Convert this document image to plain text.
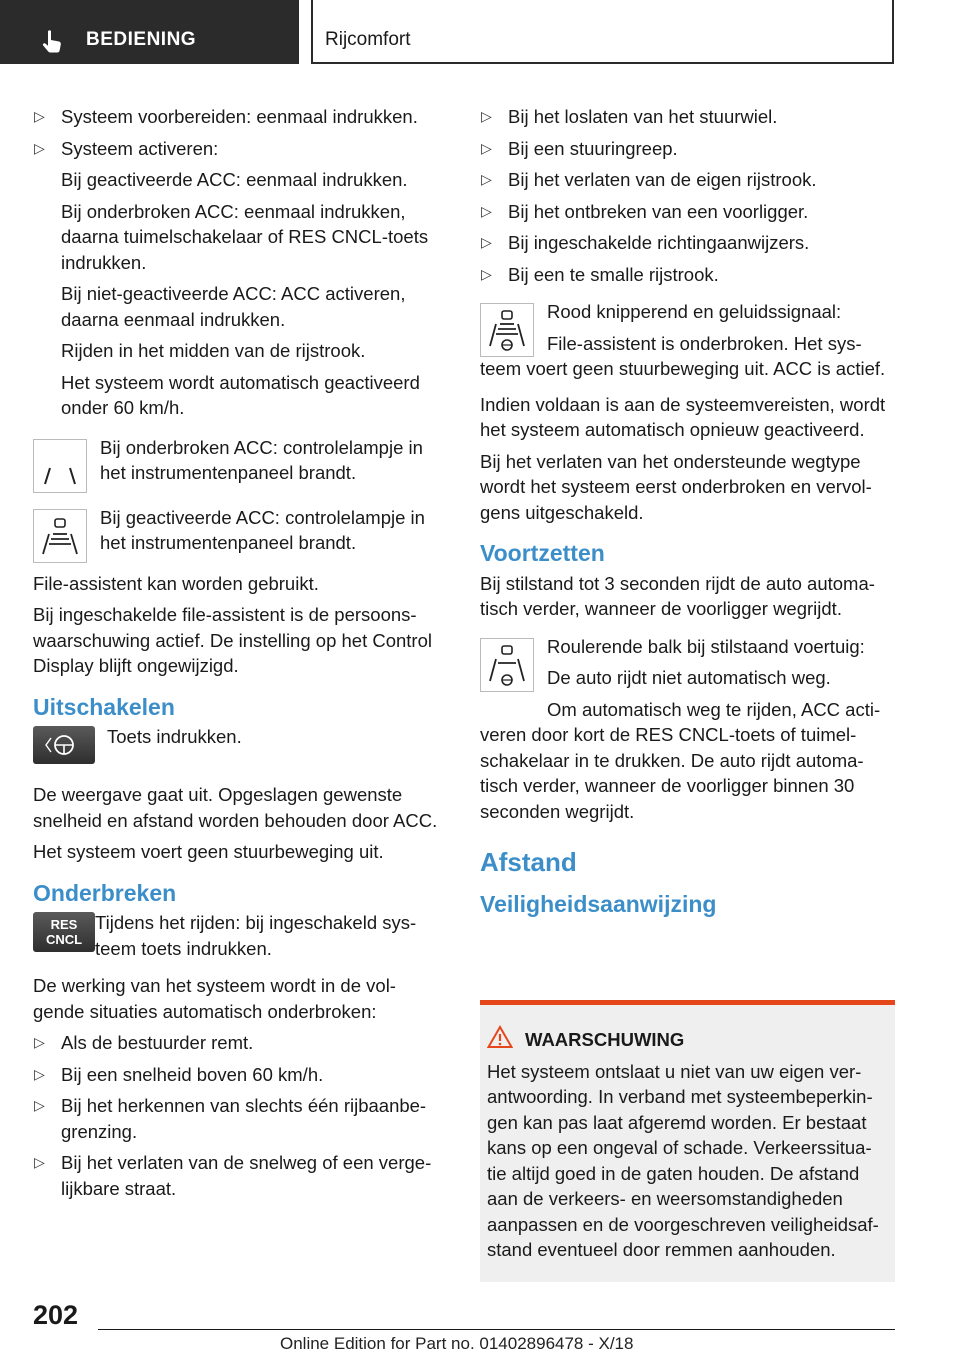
BEDIENING	Rijcomfort
▷ Systeem voorbereiden: eenmaal indrukken.
▷ Systeem activeren:

Bij geactiveerde ACC: eenmaal indrukken.

Bij onderbroken ACC: eenmaal indrukken, daarna tuimelschakelaar of RES CNCL-toets indrukken.

Bij niet-geactiveerde ACC: ACC activeren, daarna eenmaal indrukken.

Rijden in het midden van de rijstrook.

Het systeem wordt automatisch geactiveerd onder 60 km/h.

Bij onderbroken ACC: controlelampje in het instrumentenpaneel brandt.
Bij geactiveerde ACC: controlelampje in het instrumentenpaneel brandt.

File-assistent kan worden gebruikt.

Bij ingeschakelde file-assistent is de persoons-waarschuwing actief. De instelling op het Control Display blijft ongewijzigd.

Uitschakelen
Toets indrukken.

De weergave gaat uit. Opgeslagen gewenste snelheid en afstand worden behouden door ACC.

Het systeem voert geen stuurbeweging uit.

Onderbreken
RES
CNCL
Tijdens het rijden: bij ingeschakeld sys-teem toets indrukken.

De werking van het systeem wordt in de vol-gende situaties automatisch onderbroken:

▷ Als de bestuurder remt.
▷ Bij een snelheid boven 60 km/h.
▷ Bij het herkennen van slechts één rijbaanbe-grenzing.
▷ Bij het verlaten van de snelweg of een verge-lijkbare straat.
▷ Bij het loslaten van het stuurwiel.
▷ Bij een stuuringreep.
▷ Bij het verlaten van de eigen rijstrook.
▷ Bij het ontbreken van een voorligger.
▷ Bij ingeschakelde richtingaanwijzers.
▷ Bij een te smalle rijstrook.
Rood knipperend en geluidssignaal:
File-assistent is onderbroken. Het sys-teem voert geen stuurbeweging uit. ACC is actief.

Indien voldaan is aan de systeemvereisten, wordt het systeem automatisch opnieuw geactiveerd.

Bij het verlaten van het ondersteunde wegtype wordt het systeem eerst onderbroken en vervol-gens uitgeschakeld.

Voortzetten

Bij stilstand tot 3 seconden rijdt de auto automa-tisch verder, wanneer de voorligger wegrijdt.

Roulerende balk bij stilstaand voertuig:
De auto rijdt niet automatisch weg.
Om automatisch weg te rijden, ACC acti-veren door kort de RES CNCL-toets of tuimel-schakelaar in te drukken. De auto rijdt automa-tisch verder, wanneer de voorligger binnen 30 seconden wegrijdt.
Afstand
Veiligheidsaanwijzing
WAARSCHUWING
Het systeem ontslaat u niet van uw eigen ver-antwoording. In verband met systeembeperkin-gen kan pas laat afgeremd worden. Er bestaat kans op een ongeval of schade. Verkeerssitua-tie altijd goed in de gaten houden. De afstand aan de verkeers- en weersomstandigheden aanpassen en de voorgeschreven veiligheidsaf-stand eventueel door remmen aanhouden.
202
Online Edition for Part no. 01402896478 - X/18
